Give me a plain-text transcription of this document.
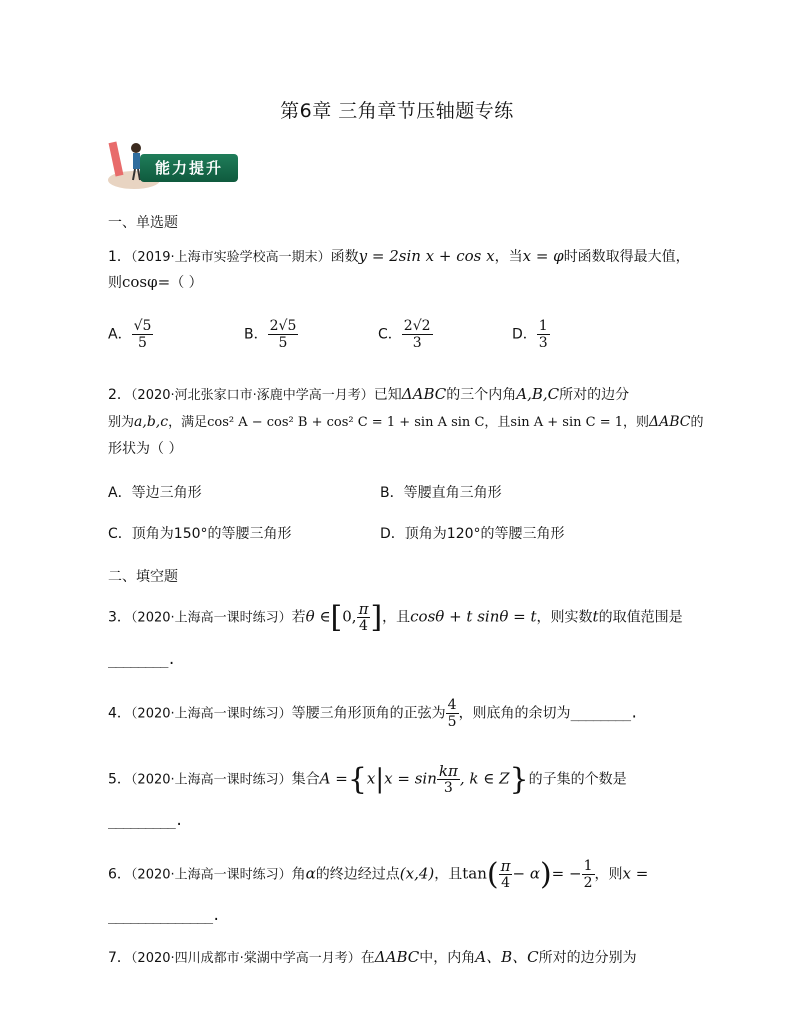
第6章 三角章节压轴题专练
能力提升
一、单选题
1．（2019·上海市实验学校高一期末）函数y = 2sin x + cos x，当x = φ时函数取得最大值，
则cosφ=（ ）
A． $\frac{√5}{5}$	B． $\frac{2√5}{5}$	C． $\frac{2√2}{3}$	D． $\frac{1}{3}$
2．（2020·河北张家口市·涿鹿中学高一月考）已知ΔABC的三个内角A,B,C所对的边分
别为a,b,c，满足cos² A − cos² B + cos² C = 1 + sin A sin C，且sin A + sin C = 1，则ΔABC的
形状为（ ）
A．等边三角形	B．等腰直角三角形
C．顶角为150°的等腰三角形	D．顶角为120°的等腰三角形
二、填空题
3．（2020·上海高一课时练习）若θ ∈[0, $\frac{\pi}{4}$ ]，且cosθ + t sinθ = t，则实数t的取值范围是
________.
4．（2020·上海高一课时练习）等腰三角形顶角的正弦为 $\frac{4}{5}$ ，则底角的余切为________.
5．（2020·上海高一课时练习）集合$A =\{x|x = \sin \frac{k\pi}{3}$ , k ∈ Z}的子集的个数是
_________.
6．（2020·上海高一课时练习）角α的终边经过点(x,4)，且$\tan( \frac{\pi}{4} - \alpha)= - \frac{1}{2}$ ，则x =
______________.
7．（2020·四川成都市·棠湖中学高一月考）在ΔABC中，内角A、B、C所对的边分别为
